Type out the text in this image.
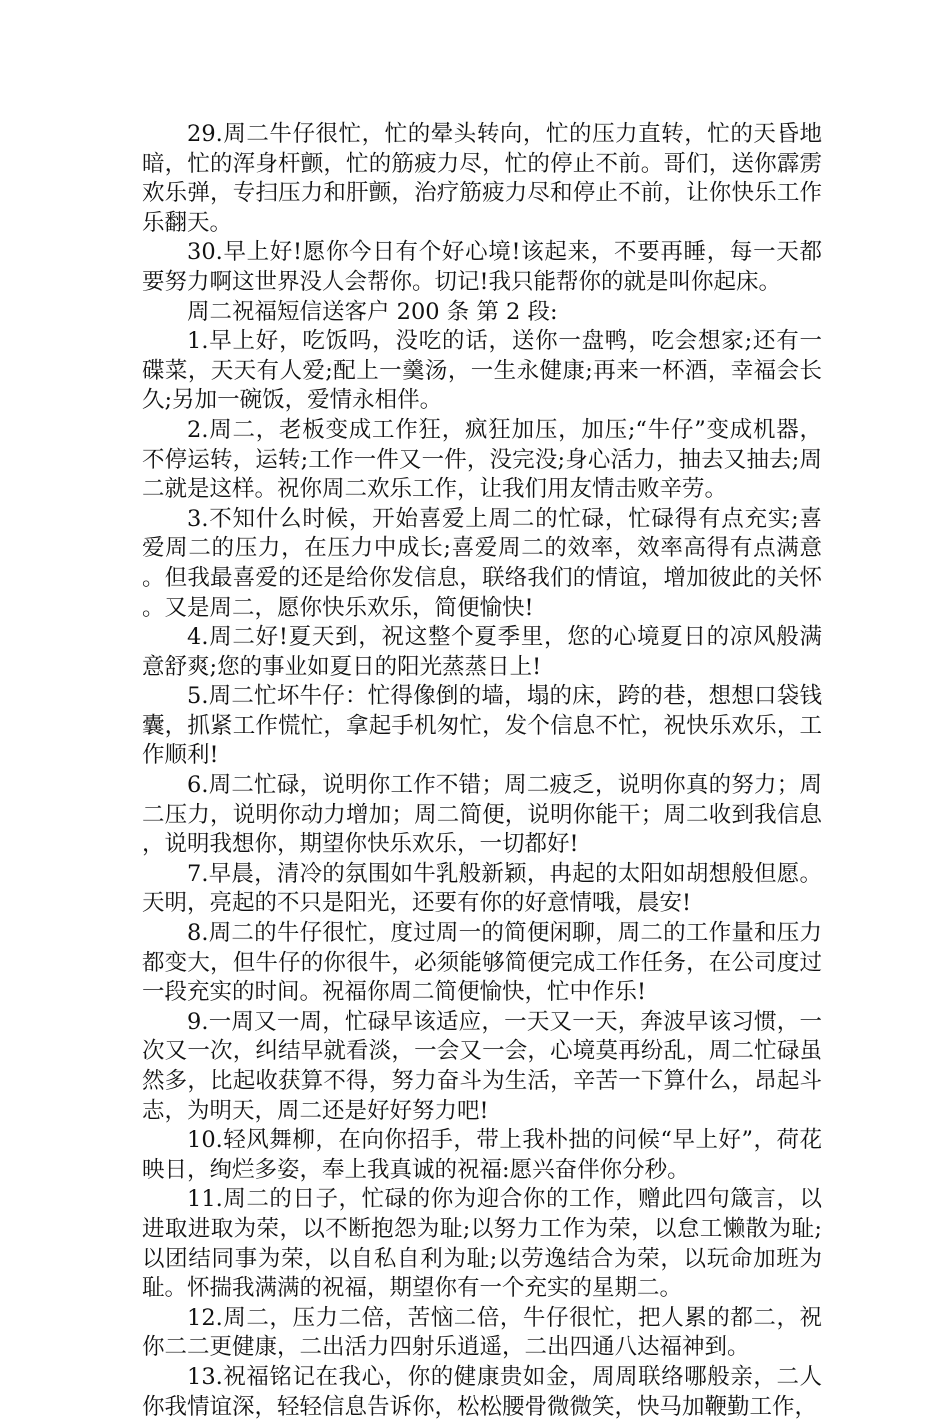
29.周二牛仔很忙，忙的晕头转向，忙的压力直转，忙的天昏地暗，忙的浑身杆颤，忙的筋疲力尽，忙的停止不前。哥们，送你霹雳欢乐弹，专扫压力和肝颤，治疗筋疲力尽和停止不前，让你快乐工作乐翻天。

30.早上好!愿你今日有个好心境!该起来，不要再睡，每一天都要努力啊这世界没人会帮你。切记!我只能帮你的就是叫你起床。

周二祝福短信送客户 200 条 第 2 段:

1.早上好，吃饭吗，没吃的话，送你一盘鸭，吃会想家;还有一碟菜，天天有人爱;配上一羹汤，一生永健康;再来一杯酒，幸福会长久;另加一碗饭，爱情永相伴。

2.周二，老板变成工作狂，疯狂加压，加压;“牛仔”变成机器，不停运转，运转;工作一件又一件，没完没;身心活力，抽去又抽去;周二就是这样。祝你周二欢乐工作，让我们用友情击败辛劳。

3.不知什么时候，开始喜爱上周二的忙碌，忙碌得有点充实;喜爱周二的压力，在压力中成长;喜爱周二的效率，效率高得有点满意。但我最喜爱的还是给你发信息，联络我们的情谊，增加彼此的关怀。又是周二，愿你快乐欢乐，简便愉快!

4.周二好!夏天到，祝这整个夏季里，您的心境夏日的凉风般满意舒爽;您的事业如夏日的阳光蒸蒸日上!

5.周二忙坏牛仔：忙得像倒的墙，塌的床，跨的巷，想想口袋钱囊，抓紧工作慌忙，拿起手机匆忙，发个信息不忙，祝快乐欢乐，工作顺利!

6.周二忙碌，说明你工作不错；周二疲乏，说明你真的努力；周二压力，说明你动力增加；周二简便，说明你能干；周二收到我信息，说明我想你，期望你快乐欢乐，一切都好!

7.早晨，清冷的氛围如牛乳般新颖，冉起的太阳如胡想般但愿。天明，亮起的不只是阳光，还要有你的好意情哦，晨安!

8.周二的牛仔很忙，度过周一的简便闲聊，周二的工作量和压力都变大，但牛仔的你很牛，必须能够简便完成工作任务，在公司度过一段充实的时间。祝福你周二简便愉快，忙中作乐!

9.一周又一周，忙碌早该适应，一天又一天，奔波早该习惯，一次又一次，纠结早就看淡，一会又一会，心境莫再纷乱，周二忙碌虽然多，比起收获算不得，努力奋斗为生活，辛苦一下算什么，昂起斗志，为明天，周二还是好好努力吧!

10.轻风舞柳，在向你招手，带上我朴拙的问候“早上好”，荷花映日，绚烂多姿，奉上我真诚的祝福:愿兴奋伴你分秒。

11.周二的日子，忙碌的你为迎合你的工作，赠此四句箴言，以进取进取为荣，以不断抱怨为耻;以努力工作为荣，以怠工懒散为耻;以团结同事为荣，以自私自利为耻;以劳逸结合为荣，以玩命加班为耻。怀揣我满满的祝福，期望你有一个充实的星期二。

12.周二，压力二倍，苦恼二倍，牛仔很忙，把人累的都二，祝你二二更健康，二出活力四射乐逍遥，二出四通八达福神到。

13.祝福铭记在我心，你的健康贵如金，周周联络哪般亲，二人你我情谊深，轻轻信息告诉你，松松腰骨微微笑，快马加鞭勤工作，
